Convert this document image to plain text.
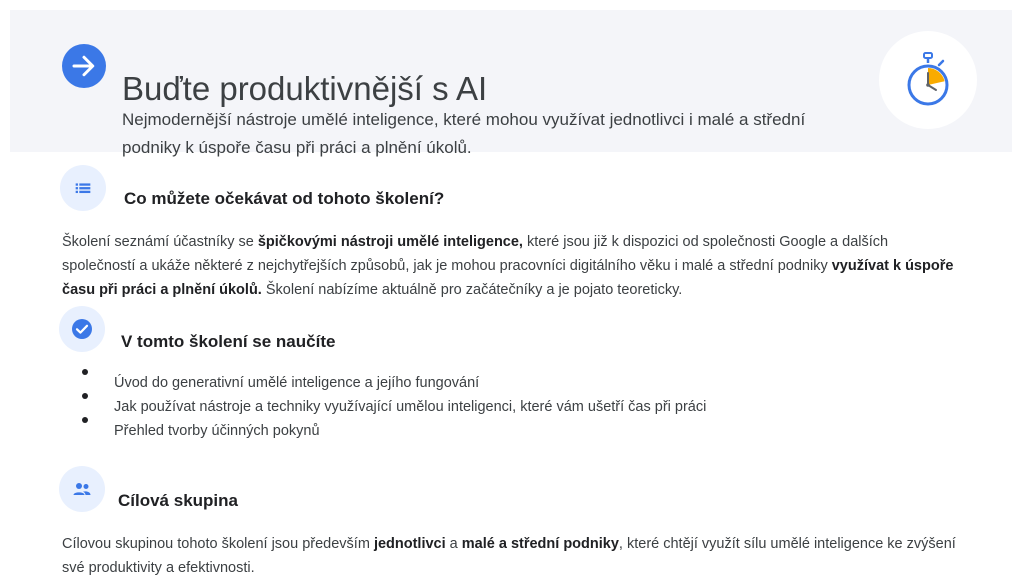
Buďte produktivnější s AI

Nejmodernější nástroje umělé inteligence, které mohou využívat jednotlivci i malé a střední podniky k úspoře času při práci a plnění úkolů.

Co můžete očekávat od tohoto školení?

Školení seznámí účastníky se špičkovými nástroji umělé inteligence, které jsou již k dispozici od společnosti Google a dalších společností a ukáže některé z nejchytřejších způsobů, jak je mohou pracovníci digitálního věku i malé a střední podniky využívat k úspoře času při práci a plnění úkolů. Školení nabízíme aktuálně pro začátečníky a je pojato teoreticky.

V tomto školení se naučíte
Úvod do generativní umělé inteligence a jejího fungování
Jak používat nástroje a techniky využívající umělou inteligenci, které vám ušetří čas při práci
Přehled tvorby účinných pokynů
Cílová skupina

Cílovou skupinou tohoto školení jsou především jednotlivci a malé a střední podniky, které chtějí využít sílu umělé inteligence ke zvýšení své produktivity a efektivnosti.
